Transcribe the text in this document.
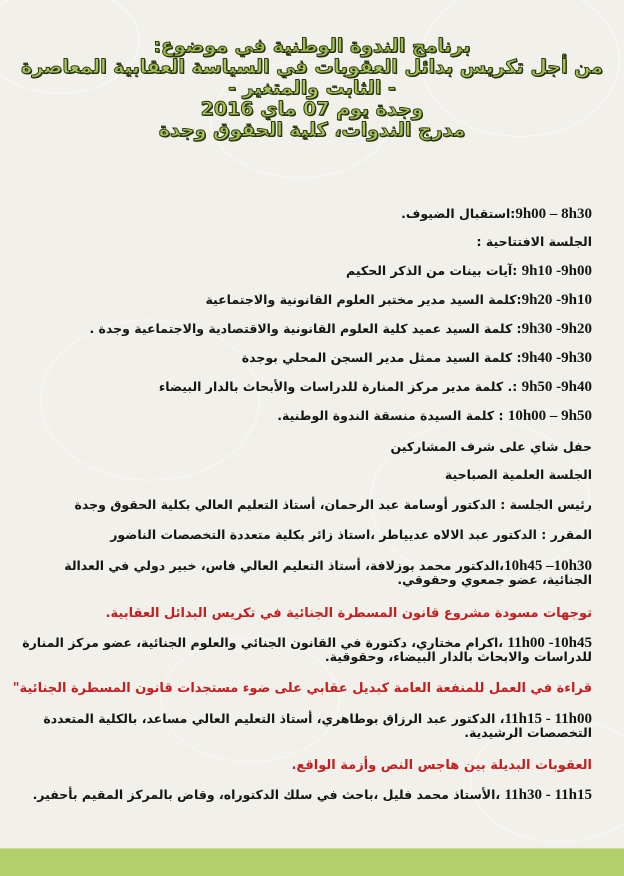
برنامج الندوة الوطنية في موضوع:
من أجل تكريس بدائل العقوبات في السياسة العقابية المعاصرة
- الثابت والمتغير -
وجدة يوم 07 ماي 2016
مدرج الندوات، كلية الحقوق وجدة
9h00 – 8h30:استقبال الضيوف.
الجلسة الافتتاحية :
9h10 -9h00 :آيات بينات من الذكر الحكيم
9h20 -9h10:كلمة السيد مدير مختبر العلوم القانونية والاجتماعية
9h30 -9h20: كلمة السيد عميد كلية العلوم القانونية والاقتصادية والاجتماعية وجدة .
9h40 -9h30: كلمة السيد ممثل مدير السجن المحلي بوجدة
9h50 -9h40 :. كلمة مدير مركز المنارة للدراسات والأبحاث بالدار البيضاء
10h00 – 9h50 : كلمة السيدة منسقة الندوة الوطنية.
حفل شاي على شرف المشاركين
الجلسة العلمية الصباحية
رئيس الجلسة : الدكتور أوسامة عبد الرحمان، أستاذ التعليم العالي بكلية الحقوق وجدة
المقرر : الدكتور عبد الالاه عديياطر ،استاذ زائر بكلية متعددة التخصصات الناضور
10h45 –10h30،الدكتور محمد بوزلافة، أستاذ التعليم العالي فاس، خبير دولي في العدالة الجنائية، عضو جمعوي وحقوقي.
توجهات مسودة مشروع قانون المسطرة الجنائية في تكريس البدائل العقابية.
11h00 -10h45 ،اكرام مختاري، دكتورة في القانون الجنائي والعلوم الجنائية، عضو مركز المنارة للدراسات والابحاث بالدار البيضاء، وحقوقية.
قراءة في العمل للمنفعة العامة كبديل عقابي على ضوء مستجدات قانون المسطرة الجنائية"
11h15 - 11h00، الدكتور عبد الرزاق بوطاهري، أستاذ التعليم العالي مساعد، بالكلية المتعددة التخصصات الرشيدية.
العقوبات البديلة بين هاجس النص وأزمة الواقع.
11h30 - 11h15 ،الأستاذ محمد فليل ،باحث في سلك الدكتوراه، وقاض بالمركز المقيم بأحفير.
